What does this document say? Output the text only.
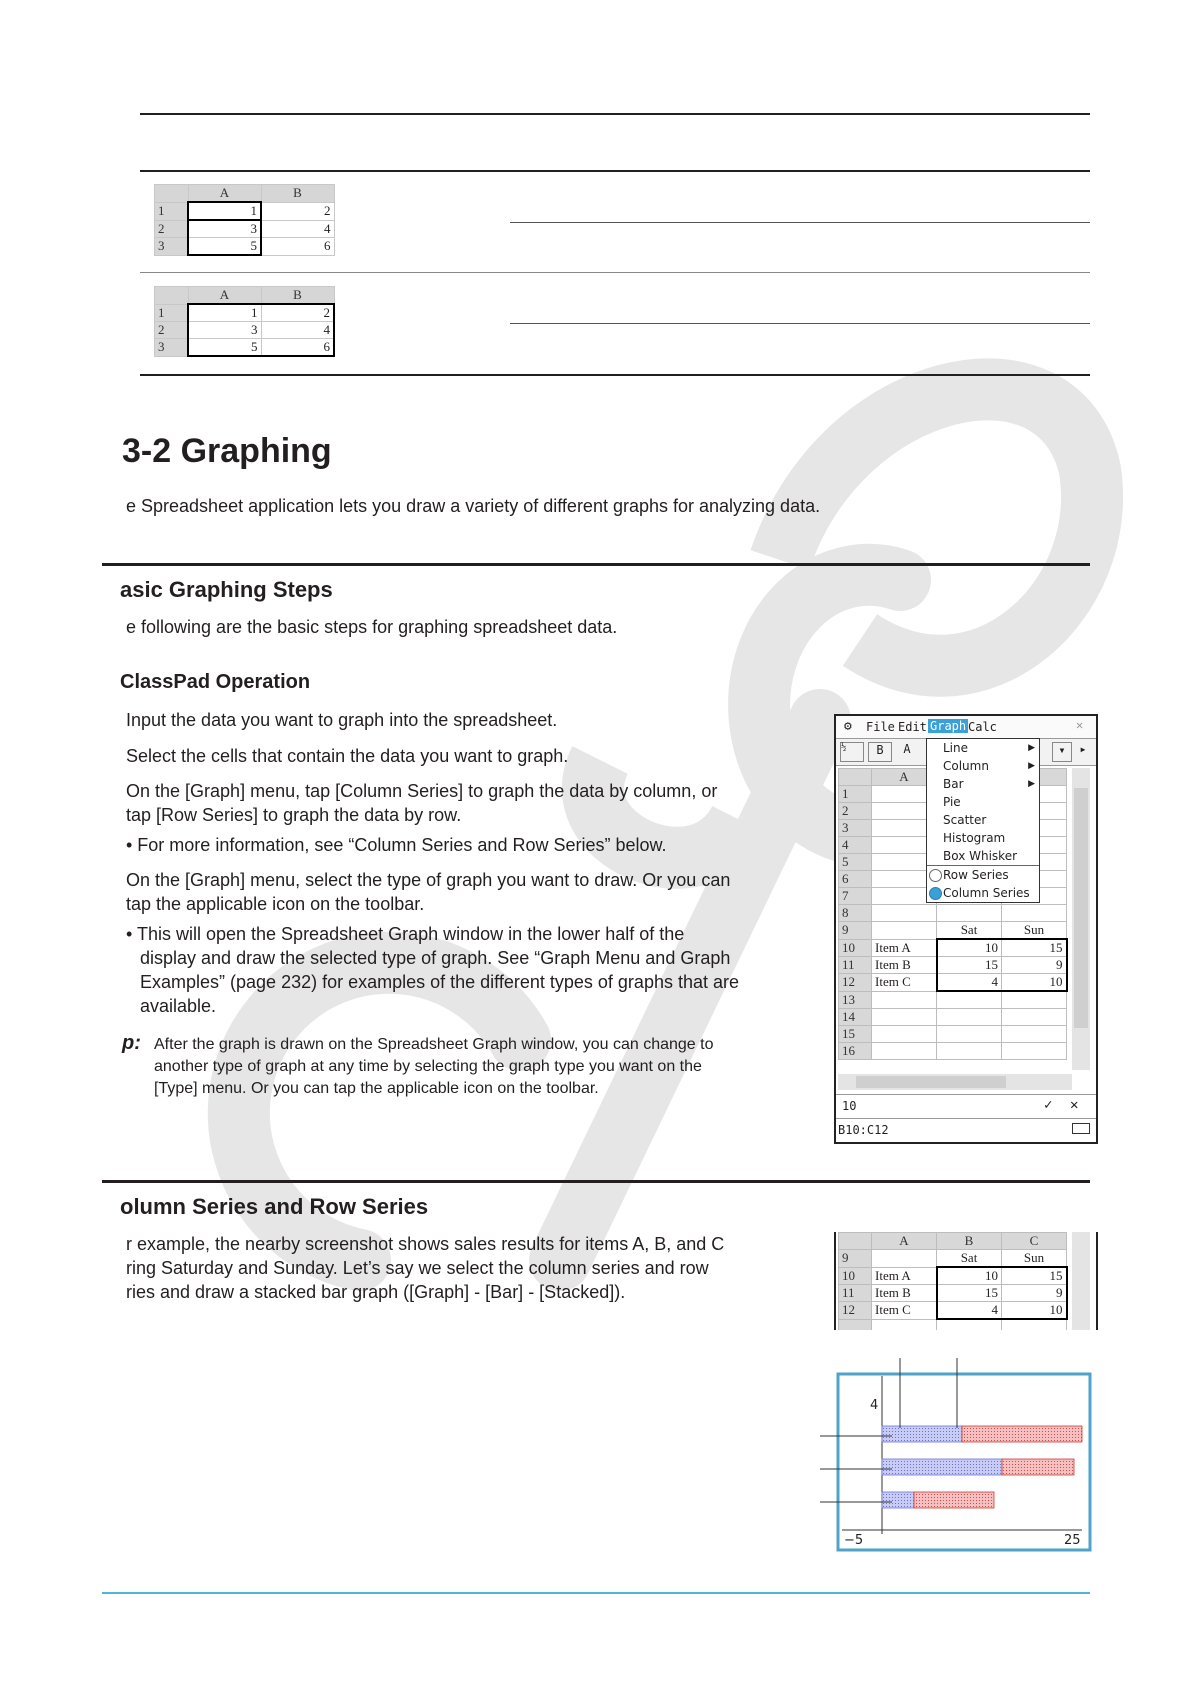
	A	B
1	1	2
2	3	4
3	5	6
	A	B
1	1	2
2	3	4
3	5	6
3-2 Graphing
e Spreadsheet application lets you draw a variety of different graphs for analyzing data.
asic Graphing Steps
e following are the basic steps for graphing spreadsheet data.
ClassPad Operation
Input the data you want to graph into the spreadsheet.
Select the cells that contain the data you want to graph.
On the [Graph] menu, tap [Column Series] to graph the data by column, or
tap [Row Series] to graph the data by row.
• For more information, see “Column Series and Row Series” below.
On the [Graph] menu, select the type of graph you want to draw. Or you can
tap the applicable icon on the toolbar.
• This will open the Spreadsheet Graph window in the lower half of the
display and draw the selected type of graph. See “Graph Menu and Graph
Examples” (page 232) for examples of the different types of graphs that are
available.
p: After the graph is drawn on the Spreadsheet Graph window, you can change to
another type of graph at any time by selecting the graph type you want on the
[Type] menu. Or you can tap the applicable icon on the toolbar.
⚙ File Edit Graph Calc	✕
½	B	A	▾	▸
	A		
1			
2			
3			
4			
5			
6			
7			
8			
9		Sat	Sun
10	Item A	10	15
11	Item B	15	9
12	Item C	4	10
13			
14			
15			
16			
10	✓ ✕
B10:C12
Line	▶
Column	▶
Bar	▶
Pie
Scatter
Histogram
Box Whisker
Row Series
Column Series
olumn Series and Row Series
r example, the nearby screenshot shows sales results for items A, B, and C
ring Saturday and Sunday. Let’s say we select the column series and row
ries and draw a stacked bar graph ([Graph] - [Bar] - [Stacked]).
	A	B	C
9		Sat	Sun
10	Item A	10	15
11	Item B	15	9
12	Item C	4	10

−5	25
4
